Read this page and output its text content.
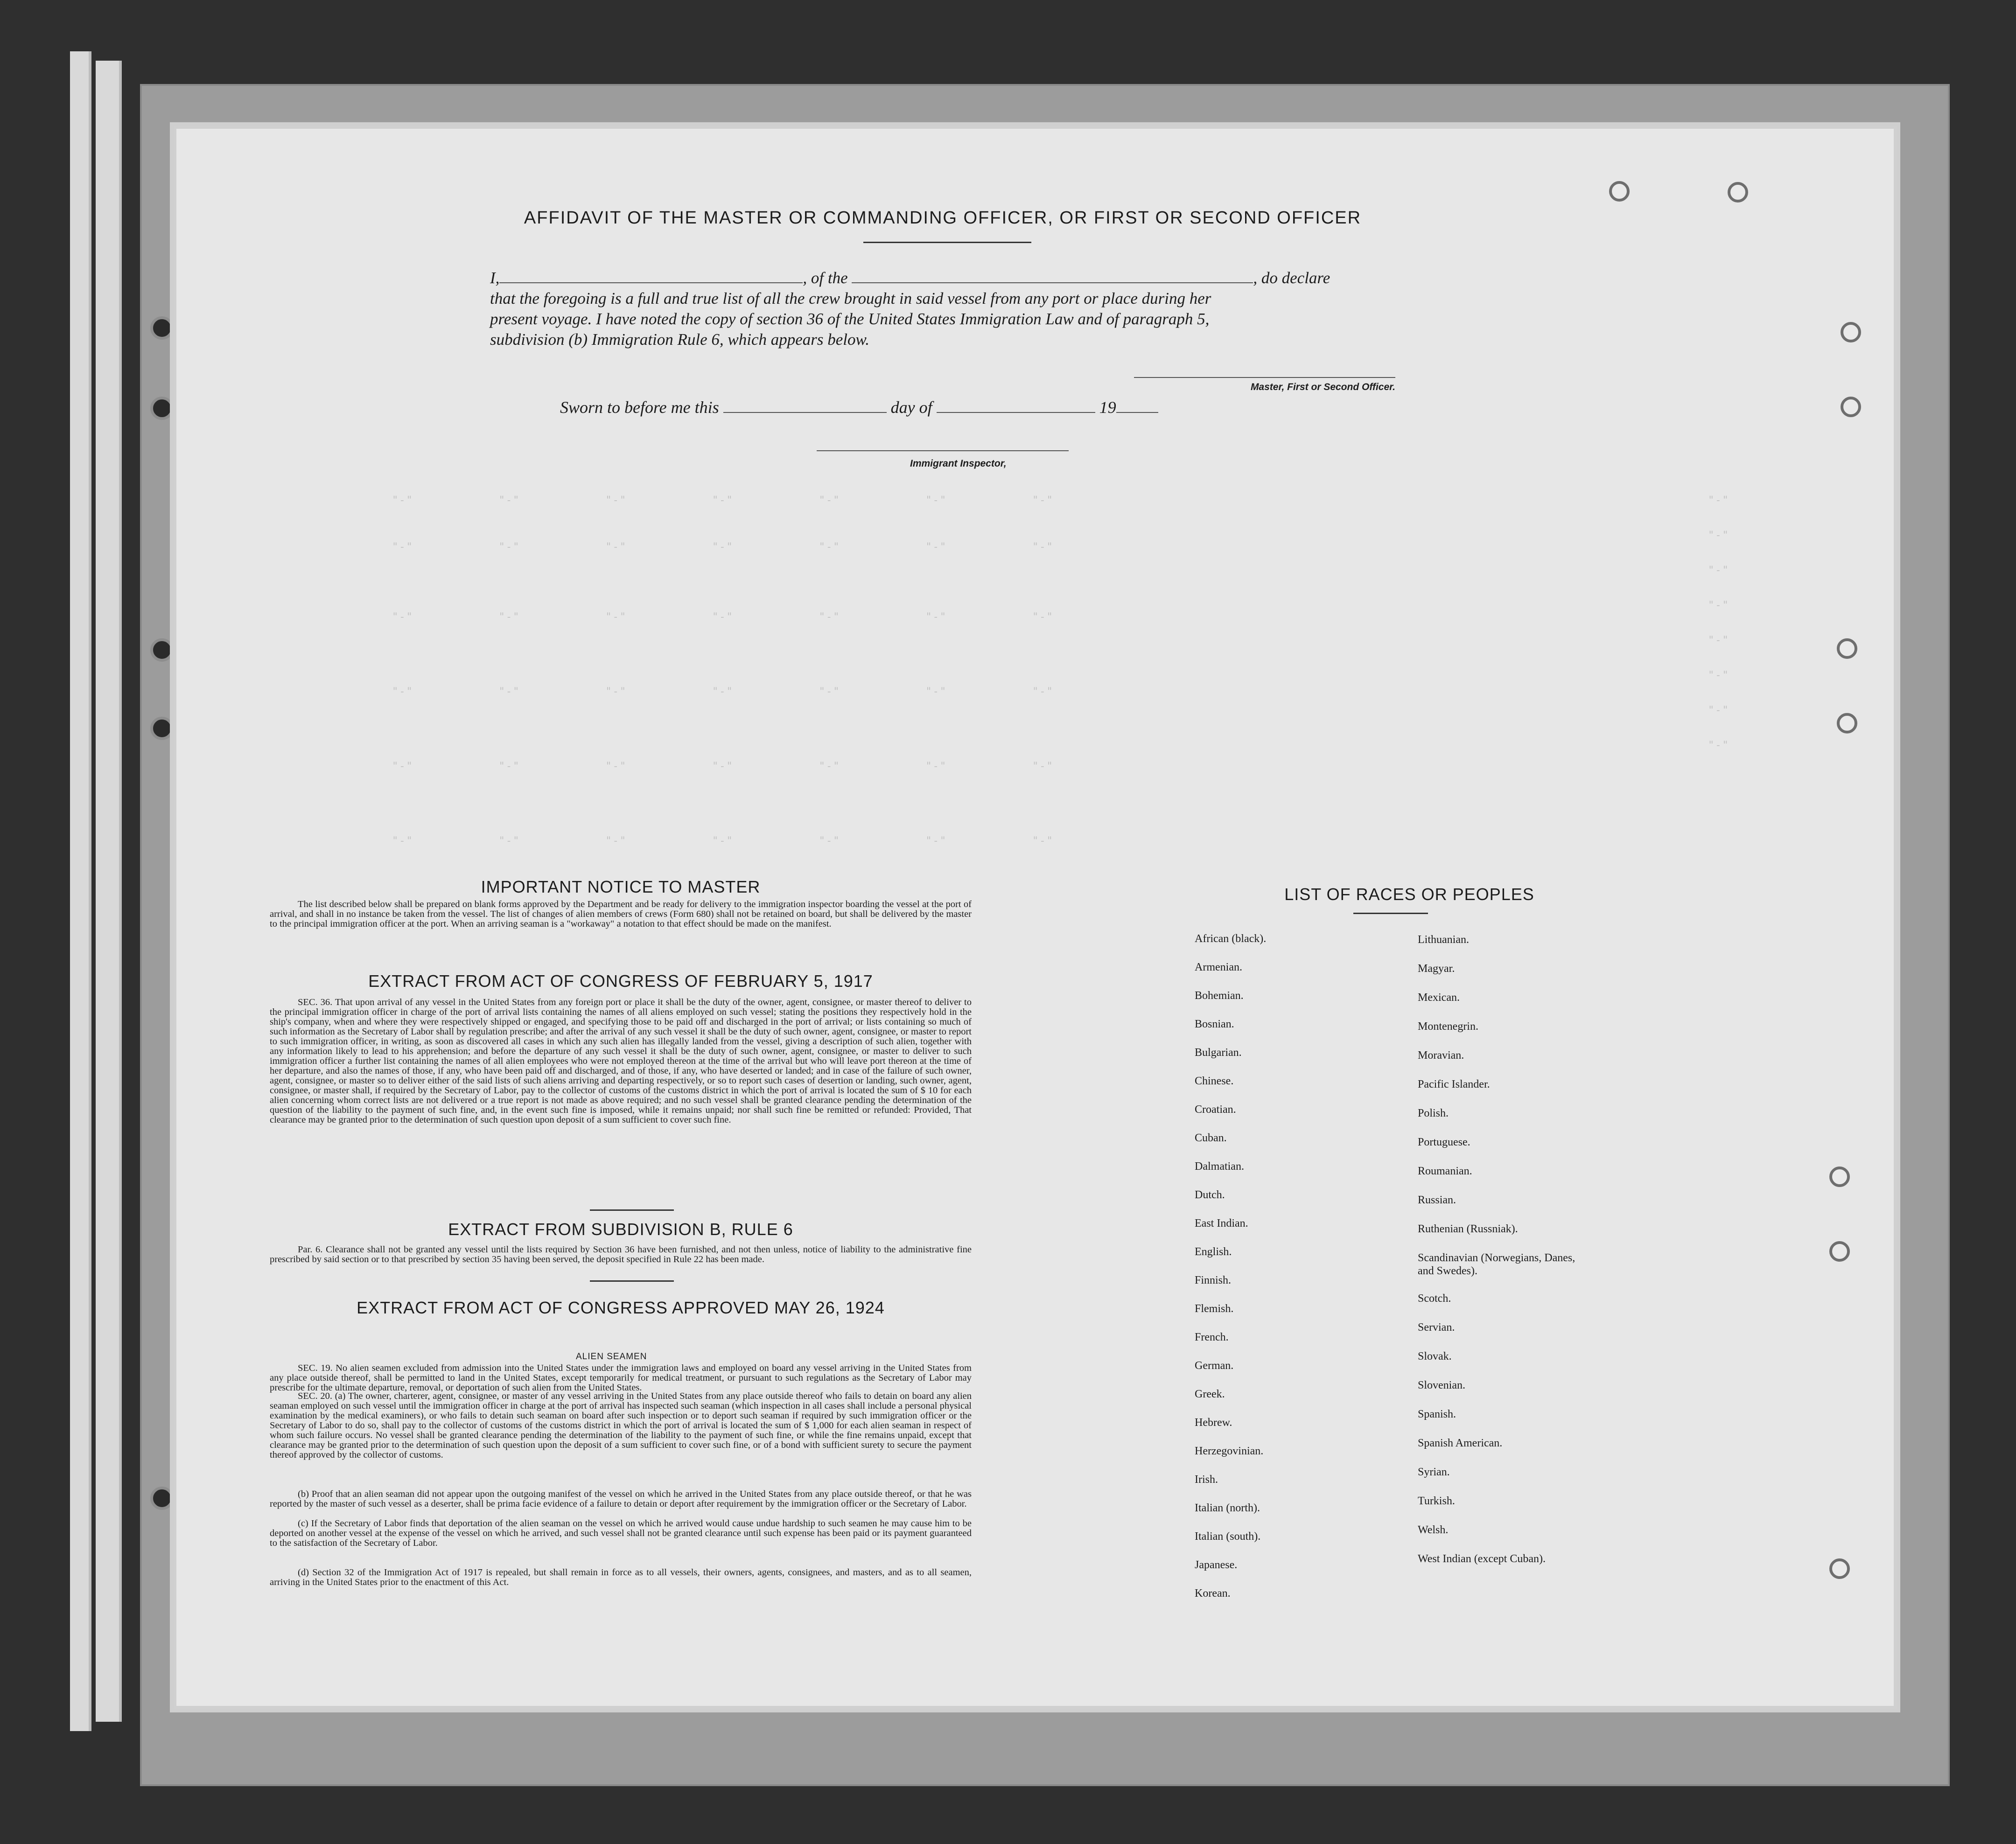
"-"            "-"            "-"            "-"            "-"            "-"            "-"
"-"            "-"            "-"            "-"            "-"            "-"            "-"
"-"            "-"            "-"            "-"            "-"            "-"            "-"
"-"            "-"            "-"            "-"            "-"            "-"            "-"
"-"            "-"            "-"            "-"            "-"            "-"            "-"
"-"            "-"            "-"            "-"            "-"            "-"            "-"
"-"

"-"

"-"

"-"

"-"

"-"

"-"

"-"
AFFIDAVIT OF THE MASTER OR COMMANDING OFFICER, OR FIRST OR SECOND OFFICER
I,	, of the	, do declare
that the foregoing is a full and true list of all the crew brought in said vessel from any port or place during her
present voyage. I have noted the copy of section 36 of the United States Immigration Law and of paragraph 5,
subdivision (b) Immigration Rule 6, which appears below.
Master, First or Second Officer.
Sworn to before me this	day of	19
Immigrant Inspector,
IMPORTANT NOTICE TO MASTER

The list described below shall be prepared on blank forms approved by the Department and be ready for delivery to the immigration inspector boarding the vessel at the port of arrival, and shall in no instance be taken from the vessel. The list of changes of alien members of crews (Form 680) shall not be retained on board, but shall be delivered by the master to the principal immigration officer at the port. When an arriving seaman is a "workaway" a notation to that effect should be made on the manifest.

EXTRACT FROM ACT OF CONGRESS OF FEBRUARY 5, 1917

SEC. 36. That upon arrival of any vessel in the United States from any foreign port or place it shall be the duty of the owner, agent, consignee, or master thereof to deliver to the principal immigration officer in charge of the port of arrival lists containing the names of all aliens employed on such vessel; stating the positions they respectively hold in the ship's company, when and where they were respectively shipped or engaged, and specifying those to be paid off and discharged in the port of arrival; or lists containing so much of such information as the Secretary of Labor shall by regulation prescribe; and after the arrival of any such vessel it shall be the duty of such owner, agent, consignee, or master to report to such immigration officer, in writing, as soon as discovered all cases in which any such alien has illegally landed from the vessel, giving a description of such alien, together with any information likely to lead to his apprehension; and before the departure of any such vessel it shall be the duty of such owner, agent, consignee, or master to deliver to such immigration officer a further list containing the names of all alien employees who were not employed thereon at the time of the arrival but who will leave port thereon at the time of her departure, and also the names of those, if any, who have been paid off and discharged, and of those, if any, who have deserted or landed; and in case of the failure of such owner, agent, consignee, or master so to deliver either of the said lists of such aliens arriving and departing respectively, or so to report such cases of desertion or landing, such owner, agent, consignee, or master shall, if required by the Secretary of Labor, pay to the collector of customs of the customs district in which the port of arrival is located the sum of $ 10 for each alien concerning whom correct lists are not delivered or a true report is not made as above required; and no such vessel shall be granted clearance pending the determination of the question of the liability to the payment of such fine, and, in the event such fine is imposed, while it remains unpaid; nor shall such fine be remitted or refunded: Provided, That clearance may be granted prior to the determination of such question upon deposit of a sum sufficient to cover such fine.

EXTRACT FROM SUBDIVISION B, RULE 6

Par. 6. Clearance shall not be granted any vessel until the lists required by Section 36 have been furnished, and not then unless, notice of liability to the administrative fine prescribed by said section or to that prescribed by section 35 having been served, the deposit specified in Rule 22 has been made.

EXTRACT FROM ACT OF CONGRESS APPROVED MAY 26, 1924
ALIEN SEAMEN

SEC. 19. No alien seamen excluded from admission into the United States under the immigration laws and employed on board any vessel arriving in the United States from any place outside thereof, shall be permitted to land in the United States, except temporarily for medical treatment, or pursuant to such regulations as the Secretary of Labor may prescribe for the ultimate departure, removal, or deportation of such alien from the United States.

SEC. 20. (a) The owner, charterer, agent, consignee, or master of any vessel arriving in the United States from any place outside thereof who fails to detain on board any alien seaman employed on such vessel until the immigration officer in charge at the port of arrival has inspected such seaman (which inspection in all cases shall include a personal physical examination by the medical examiners), or who fails to detain such seaman on board after such inspection or to deport such seaman if required by such immigration officer or the Secretary of Labor to do so, shall pay to the collector of customs of the customs district in which the port of arrival is located the sum of $ 1,000 for each alien seaman in respect of whom such failure occurs. No vessel shall be granted clearance pending the determination of the liability to the payment of such fine, or while the fine remains unpaid, except that clearance may be granted prior to the determination of such question upon the deposit of a sum sufficient to cover such fine, or of a bond with sufficient surety to secure the payment thereof approved by the collector of customs.

(b) Proof that an alien seaman did not appear upon the outgoing manifest of the vessel on which he arrived in the United States from any place outside thereof, or that he was reported by the master of such vessel as a deserter, shall be prima facie evidence of a failure to detain or deport after requirement by the immigration officer or the Secretary of Labor.

(c) If the Secretary of Labor finds that deportation of the alien seaman on the vessel on which he arrived would cause undue hardship to such seamen he may cause him to be deported on another vessel at the expense of the vessel on which he arrived, and such vessel shall not be granted clearance until such expense has been paid or its payment guaranteed to the satisfaction of the Secretary of Labor.

(d) Section 32 of the Immigration Act of 1917 is repealed, but shall remain in force as to all vessels, their owners, agents, consignees, and masters, and as to all seamen, arriving in the United States prior to the enactment of this Act.

LIST OF RACES OR PEOPLES
African (black).
Armenian.
Bohemian.
Bosnian.
Bulgarian.
Chinese.
Croatian.
Cuban.
Dalmatian.
Dutch.
East Indian.
English.
Finnish.
Flemish.
French.
German.
Greek.
Hebrew.
Herzegovinian.
Irish.
Italian (north).
Italian (south).
Japanese.
Korean.
Lithuanian.
Magyar.
Mexican.
Montenegrin.
Moravian.
Pacific Islander.
Polish.
Portuguese.
Roumanian.
Russian.
Ruthenian (Russniak).
Scandinavian (Norwegians, Danes, and Swedes).
Scotch.
Servian.
Slovak.
Slovenian.
Spanish.
Spanish American.
Syrian.
Turkish.
Welsh.
West Indian (except Cuban).
